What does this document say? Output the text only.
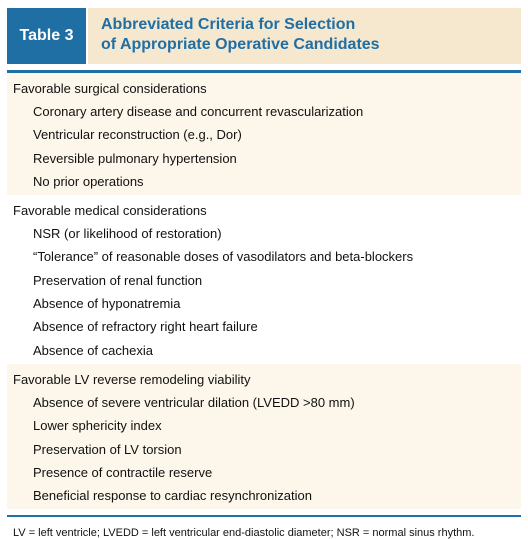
Table 3
Abbreviated Criteria for Selection
of Appropriate Operative Candidates
Favorable surgical considerations
Coronary artery disease and concurrent revascularization
Ventricular reconstruction (e.g., Dor)
Reversible pulmonary hypertension
No prior operations
Favorable medical considerations
NSR (or likelihood of restoration)
“Tolerance” of reasonable doses of vasodilators and beta-blockers
Preservation of renal function
Absence of hyponatremia
Absence of refractory right heart failure
Absence of cachexia
Favorable LV reverse remodeling viability
Absence of severe ventricular dilation (LVEDD >80 mm)
Lower sphericity index
Preservation of LV torsion
Presence of contractile reserve
Beneficial response to cardiac resynchronization
LV = left ventricle; LVEDD = left ventricular end-diastolic diameter; NSR = normal sinus rhythm.
